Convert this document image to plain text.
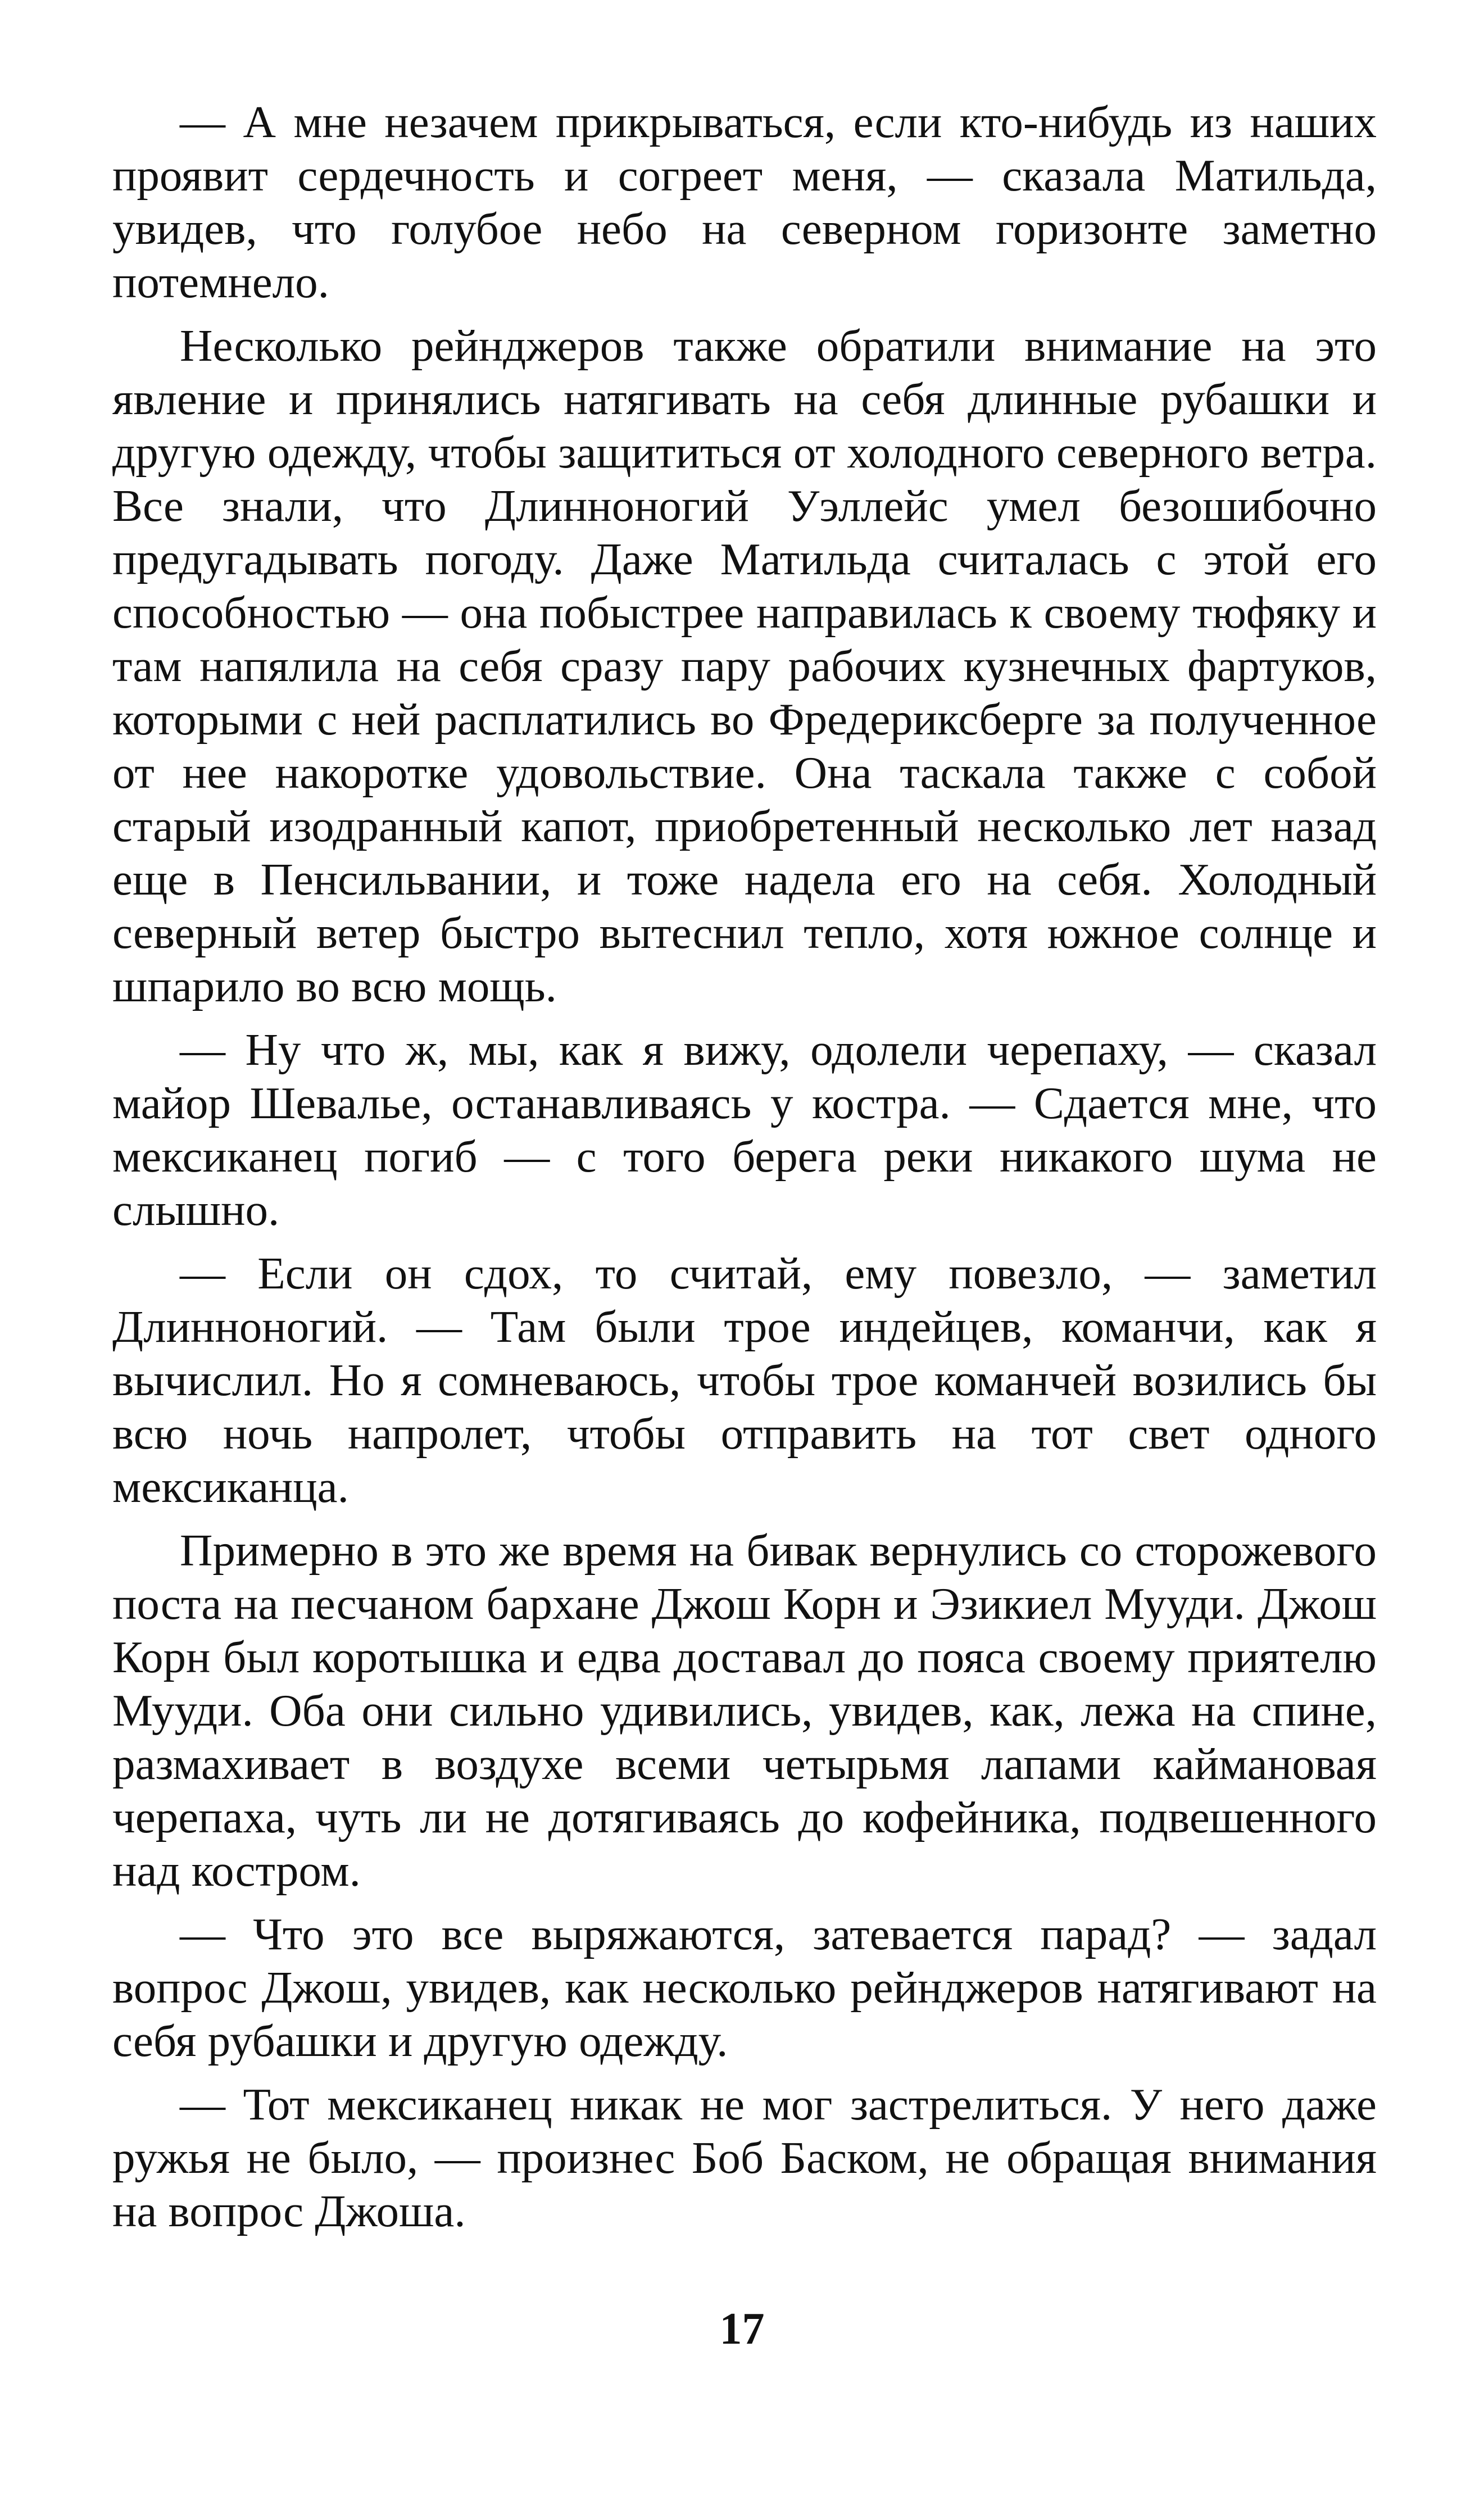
— А мне незачем прикрываться, если кто-нибудь из наших проявит сердечность и согреет меня, — сказала Матильда, увидев, что голубое небо на северном горизонте заметно потемнело.

Несколько рейнджеров также обратили внимание на это явление и принялись натягивать на себя длинные рубашки и другую одежду, чтобы защититься от холодного северного ветра. Все знали, что Длинноногий Уэллейс умел безошибочно предугадывать погоду. Даже Матильда считалась с этой его способностью — она побыстрее направилась к своему тюфяку и там напялила на себя сразу пару рабочих кузнечных фартуков, которыми с ней расплатились во Фредериксберге за полученное от нее накоротке удовольствие. Она таскала также с собой старый изодранный капот, приобретенный несколько лет назад еще в Пенсильвании, и тоже надела его на себя. Холодный северный ветер быстро вытеснил тепло, хотя южное солнце и шпарило во всю мощь.

— Ну что ж, мы, как я вижу, одолели черепаху, — сказал майор Шевалье, останавливаясь у костра. — Сдается мне, что мексиканец погиб — с того берега реки никакого шума не слышно.

— Если он сдох, то считай, ему повезло, — заметил Длинноногий. — Там были трое индейцев, команчи, как я вычислил. Но я сомневаюсь, чтобы трое команчей возились бы всю ночь напролет, чтобы отправить на тот свет одного мексиканца.

Примерно в это же время на бивак вернулись со сторожевого поста на песчаном бархане Джош Корн и Эзикиел Мууди. Джош Корн был коротышка и едва доставал до пояса своему приятелю Мууди. Оба они сильно удивились, увидев, как, лежа на спине, размахивает в воздухе всеми четырьмя лапами каймановая черепаха, чуть ли не дотягиваясь до кофейника, подвешенного над костром.

— Что это все выряжаются, затевается парад? — задал вопрос Джош, увидев, как несколько рейнджеров натягивают на себя рубашки и другую одежду.

— Тот мексиканец никак не мог застрелиться. У него даже ружья не было, — произнес Боб Баском, не обращая внимания на вопрос Джоша.

17
